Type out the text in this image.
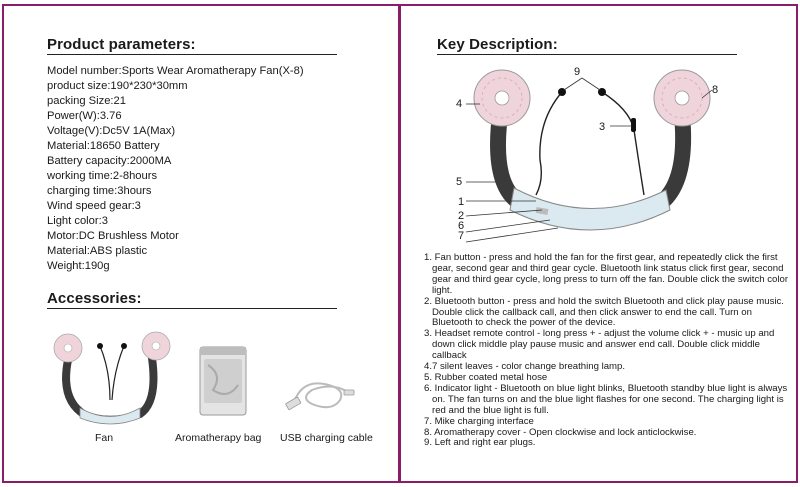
Product parameters:
Model number:Sports Wear Aromatherapy Fan(X-8)
product size:190*230*30mm
packing Size:21
Power(W):3.76
Voltage(V):Dc5V 1A(Max)
Material:18650 Battery
Battery capacity:2000MA
working time:2-8hours
charging time:3hours
Wind speed gear:3
Light color:3
Motor:DC Brushless Motor
Material:ABS plastic
Weight:190g
Accessories:
Fan	Aromatherapy bag USB charging cable
Key Description:
7
1
2
3
4
5
6
8
9
1. Fan button - press and hold the fan for the first gear, and repeatedly click the first gear, second gear and third gear cycle. Bluetooth link status click first gear, second gear and third gear cycle, long press to turn off the fan. Double click the switch color light.
2. Bluetooth button - press and hold the switch Bluetooth and click play pause music. Double click the callback call, and then click answer to end the call. Turn on Bluetooth to check the power of the device.
3. Headset remote control - long press + - adjust the volume click + - music up and down click middle play pause music and answer end call. Double click middle callback
4.7 silent leaves - color change breathing lamp.
5. Rubber coated metal hose
6. Indicator light - Bluetooth on blue light blinks, Bluetooth standby blue light is always on. The fan turns on and the blue light flashes for one second. The charging light is red and the blue light is full.
7. Mike charging interface
8. Aromatherapy cover - Open clockwise and lock anticlockwise.
9. Left and right ear plugs.
